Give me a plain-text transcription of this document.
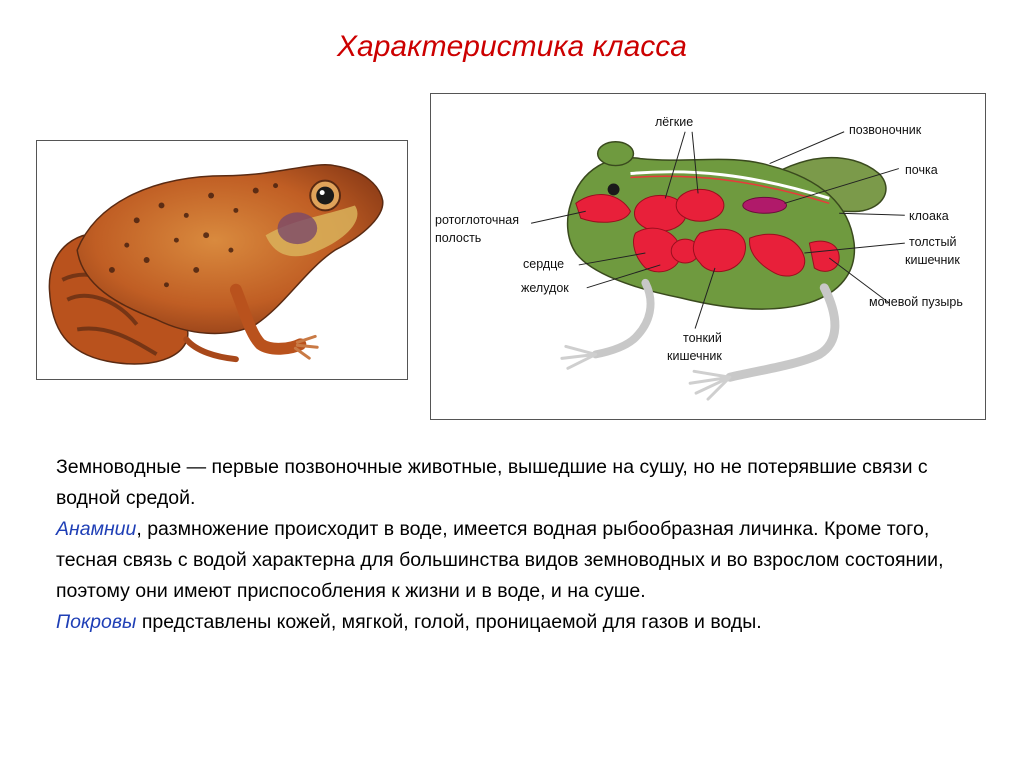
Характеристика класса
лёгкие
позвоночник
почка
ротоглоточная
полость
клоака
сердце
толстый
кишечник
желудок
мочевой пузырь
тонкий
кишечник

Земноводные — первые позвоночные животные, вышедшие на сушу, но не потерявшие связи с водной средой.

Анамнии, размножение происходит в воде, имеется водная рыбообразная личинка. Кроме того, тесная связь с водой характерна для большинства видов земноводных и во взрослом состоянии, поэтому они имеют приспособления к жизни и в воде, и на суше.

Покровы представлены кожей, мягкой, голой, проницаемой для газов и воды.
